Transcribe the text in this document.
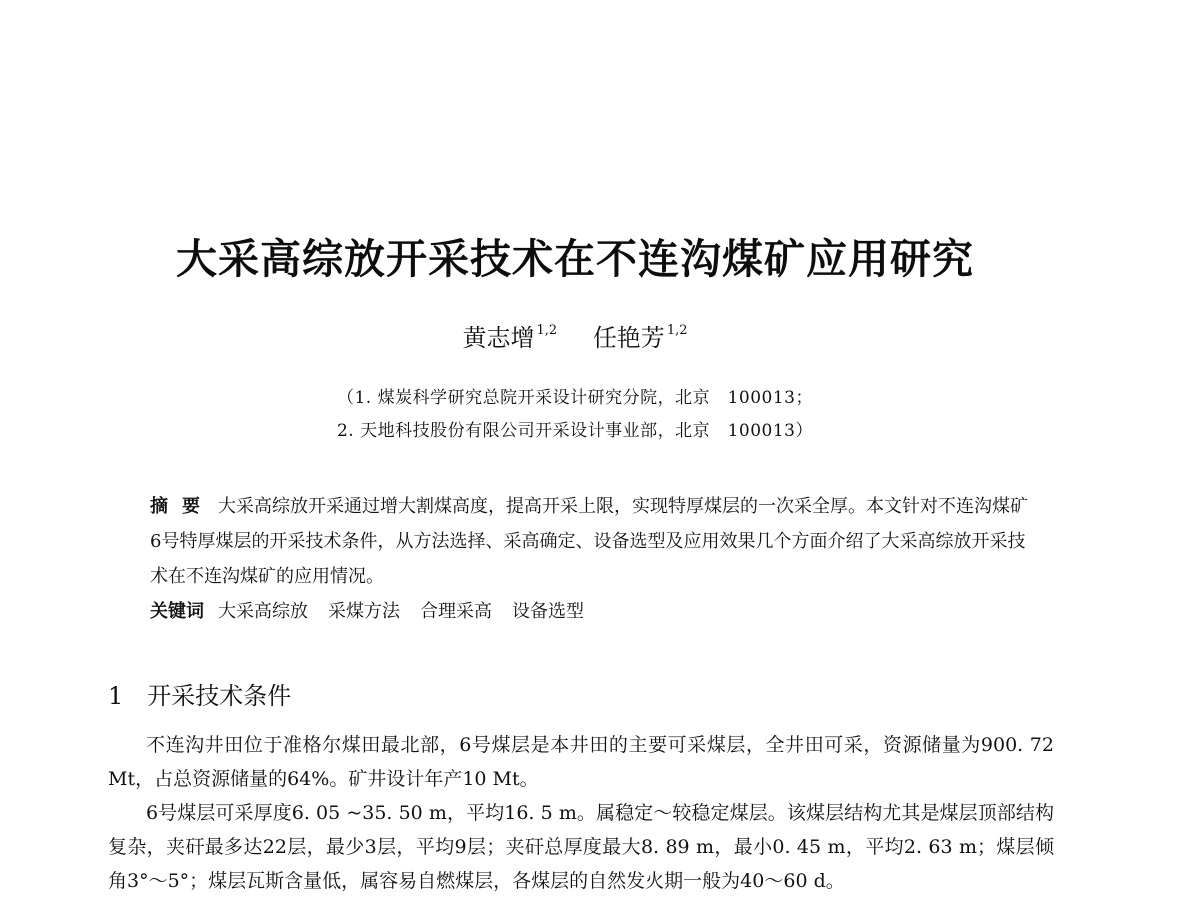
大采高综放开采技术在不连沟煤矿应用研究
黄志增 $^{1,2}$ 任艳芳 $^{1,2}$
（1. 煤炭科学研究总院开采设计研究分院，北京　100013；
2. 天地科技股份有限公司开采设计事业部，北京　100013）
摘要 大采高综放开采通过增大割煤高度，提高开采上限，实现特厚煤层的一次采全厚。本文针对不连沟煤矿6号特厚煤层的开采技术条件，从方法选择、采高确定、设备选型及应用效果几个方面介绍了大采高综放开采技术在不连沟煤矿的应用情况。
关键词 大采高综放 采煤方法 合理采高 设备选型
1 开采技术条件

不连沟井田位于准格尔煤田最北部，6号煤层是本井田的主要可采煤层，全井田可采，资源储量为900. 72 Mt，占总资源储量的64%。矿井设计年产10 Mt。

6号煤层可采厚度6. 05 ~35. 50 m，平均16. 5 m。属稳定～较稳定煤层。该煤层结构尤其是煤层顶部结构复杂，夹矸最多达22层，最少3层，平均9层；夹矸总厚度最大8. 89 m，最小0. 45 m，平均2. 63 m；煤层倾角3°～5°；煤层瓦斯含量低，属容易自燃煤层，各煤层的自然发火期一般为40～60 d。
